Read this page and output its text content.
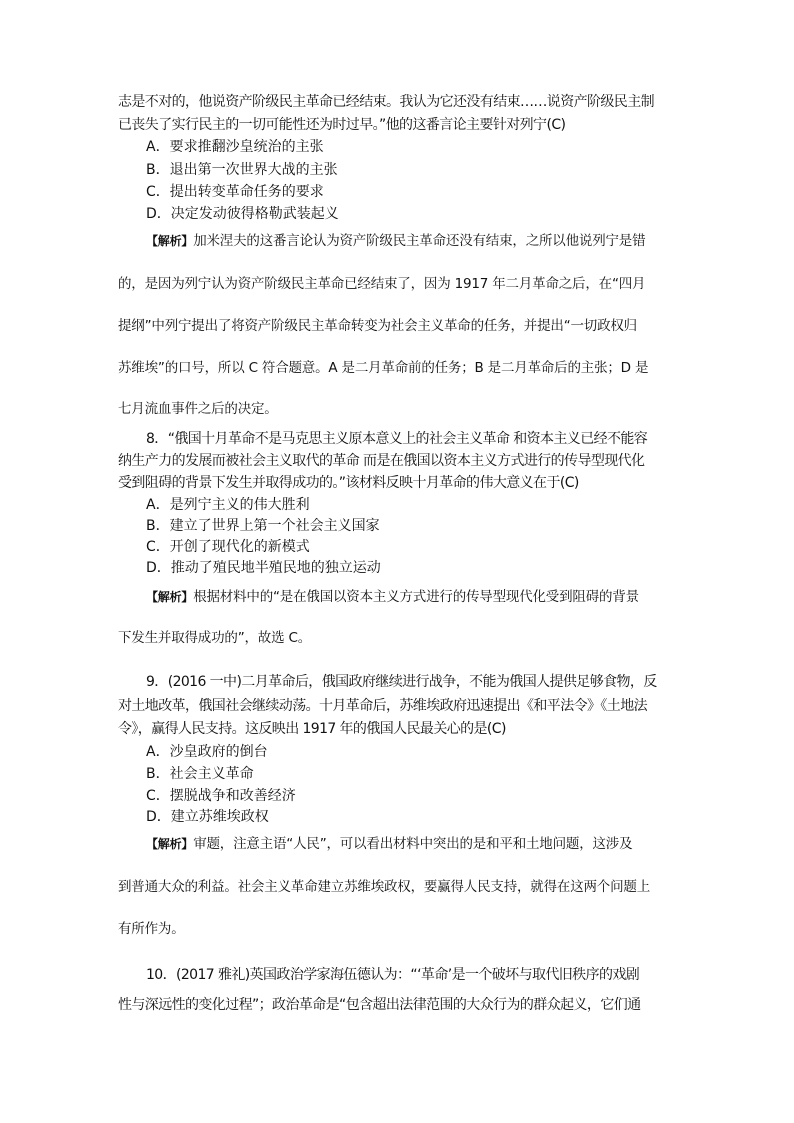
志是不对的，他说资产阶级民主革命已经结束。我认为它还没有结束……说资产阶级民主制
已丧失了实行民主的一切可能性还为时过早。”他的这番言论主要针对列宁(C)
A．要求推翻沙皇统治的主张
B．退出第一次世界大战的主张
C．提出转变革命任务的要求
D．决定发动彼得格勒武装起义
【解析】加米涅夫的这番言论认为资产阶级民主革命还没有结束，之所以他说列宁是错
的，是因为列宁认为资产阶级民主革命已经结束了，因为 1917 年二月革命之后，在“四月
提纲”中列宁提出了将资产阶级民主革命转变为社会主义革命的任务，并提出“一切政权归
苏维埃”的口号，所以 C 符合题意。A 是二月革命前的任务；B 是二月革命后的主张；D 是
七月流血事件之后的决定。
8．“俄国十月革命不是马克思主义原本意义上的社会主义革命 和资本主义已经不能容
纳生产力的发展而被社会主义取代的革命 而是在俄国以资本主义方式进行的传导型现代化
受到阻碍的背景下发生并取得成功的。”该材料反映十月革命的伟大意义在于(C)
A．是列宁主义的伟大胜利
B．建立了世界上第一个社会主义国家
C．开创了现代化的新模式
D．推动了殖民地半殖民地的独立运动
【解析】根据材料中的“是在俄国以资本主义方式进行的传导型现代化受到阻碍的背景
下发生并取得成功的”，故选 C。
9．(2016 一中)二月革命后，俄国政府继续进行战争，不能为俄国人提供足够食物，反
对土地改革，俄国社会继续动荡。十月革命后，苏维埃政府迅速提出《和平法令》《土地法
令》，赢得人民支持。这反映出 1917 年的俄国人民最关心的是(C)
A．沙皇政府的倒台
B．社会主义革命
C．摆脱战争和改善经济
D．建立苏维埃政权
【解析】审题，注意主语“人民”，可以看出材料中突出的是和平和土地问题，这涉及
到普通大众的利益。社会主义革命建立苏维埃政权，要赢得人民支持，就得在这两个问题上
有所作为。
10．(2017 雅礼)英国政治学家海伍德认为：“‘革命’是一个破坏与取代旧秩序的戏剧
性与深远性的变化过程”；政治革命是“包含超出法律范围的大众行为的群众起义，它们通
